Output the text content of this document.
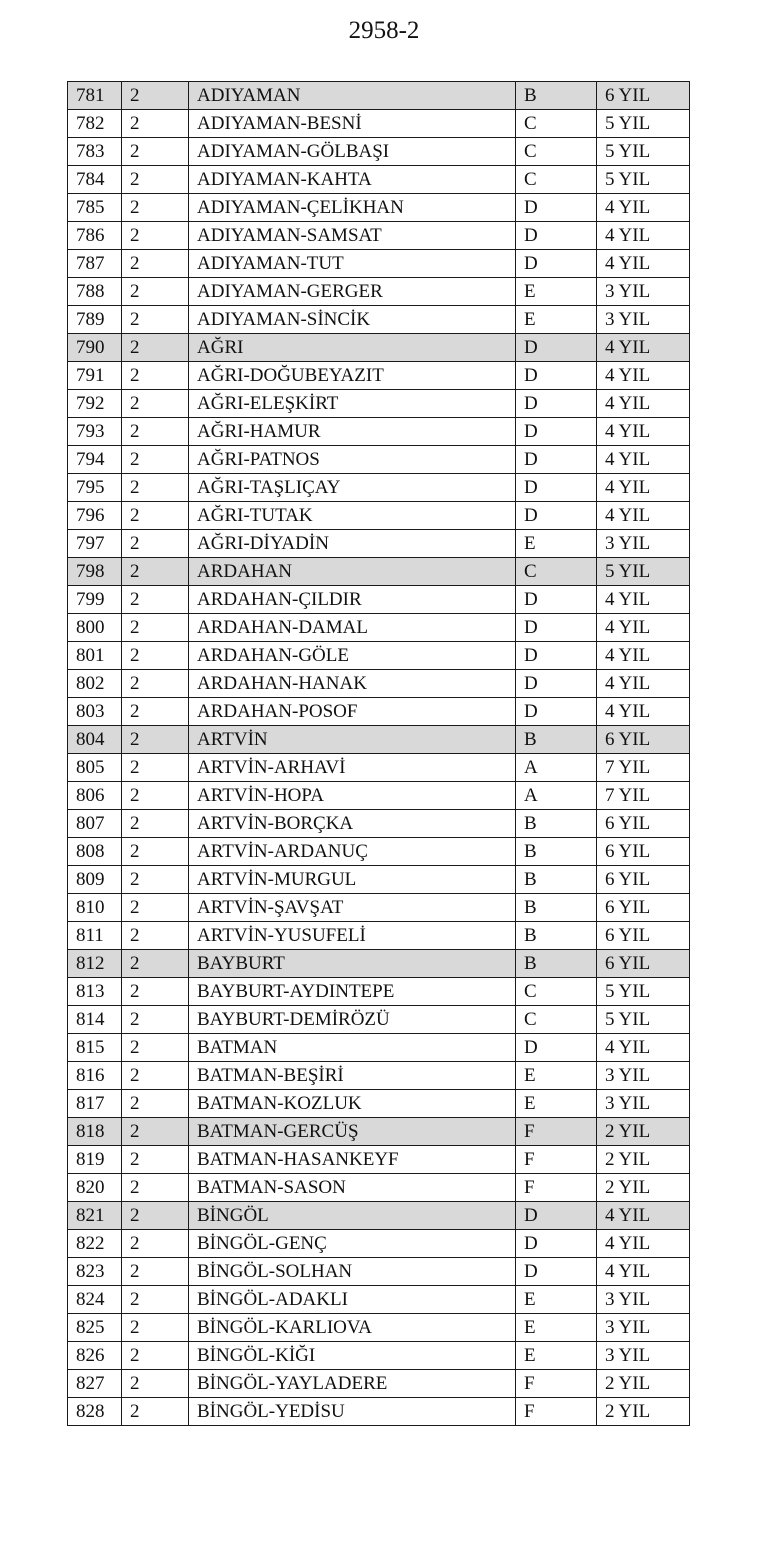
2958-2
781	2	ADIYAMAN	B	6 YIL
782	2	ADIYAMAN-BESNİ	C	5 YIL
783	2	ADIYAMAN-GÖLBAŞI	C	5 YIL
784	2	ADIYAMAN-KAHTA	C	5 YIL
785	2	ADIYAMAN-ÇELİKHAN	D	4 YIL
786	2	ADIYAMAN-SAMSAT	D	4 YIL
787	2	ADIYAMAN-TUT	D	4 YIL
788	2	ADIYAMAN-GERGER	E	3 YIL
789	2	ADIYAMAN-SİNCİK	E	3 YIL
790	2	AĞRI	D	4 YIL
791	2	AĞRI-DOĞUBEYAZIT	D	4 YIL
792	2	AĞRI-ELEŞKİRT	D	4 YIL
793	2	AĞRI-HAMUR	D	4 YIL
794	2	AĞRI-PATNOS	D	4 YIL
795	2	AĞRI-TAŞLIÇAY	D	4 YIL
796	2	AĞRI-TUTAK	D	4 YIL
797	2	AĞRI-DİYADİN	E	3 YIL
798	2	ARDAHAN	C	5 YIL
799	2	ARDAHAN-ÇILDIR	D	4 YIL
800	2	ARDAHAN-DAMAL	D	4 YIL
801	2	ARDAHAN-GÖLE	D	4 YIL
802	2	ARDAHAN-HANAK	D	4 YIL
803	2	ARDAHAN-POSOF	D	4 YIL
804	2	ARTVİN	B	6 YIL
805	2	ARTVİN-ARHAVİ	A	7 YIL
806	2	ARTVİN-HOPA	A	7 YIL
807	2	ARTVİN-BORÇKA	B	6 YIL
808	2	ARTVİN-ARDANUÇ	B	6 YIL
809	2	ARTVİN-MURGUL	B	6 YIL
810	2	ARTVİN-ŞAVŞAT	B	6 YIL
811	2	ARTVİN-YUSUFELİ	B	6 YIL
812	2	BAYBURT	B	6 YIL
813	2	BAYBURT-AYDINTEPE	C	5 YIL
814	2	BAYBURT-DEMİRÖZÜ	C	5 YIL
815	2	BATMAN	D	4 YIL
816	2	BATMAN-BEŞİRİ	E	3 YIL
817	2	BATMAN-KOZLUK	E	3 YIL
818	2	BATMAN-GERCÜŞ	F	2 YIL
819	2	BATMAN-HASANKEYF	F	2 YIL
820	2	BATMAN-SASON	F	2 YIL
821	2	BİNGÖL	D	4 YIL
822	2	BİNGÖL-GENÇ	D	4 YIL
823	2	BİNGÖL-SOLHAN	D	4 YIL
824	2	BİNGÖL-ADAKLI	E	3 YIL
825	2	BİNGÖL-KARLIOVA	E	3 YIL
826	2	BİNGÖL-KİĞI	E	3 YIL
827	2	BİNGÖL-YAYLADERE	F	2 YIL
828	2	BİNGÖL-YEDİSU	F	2 YIL
